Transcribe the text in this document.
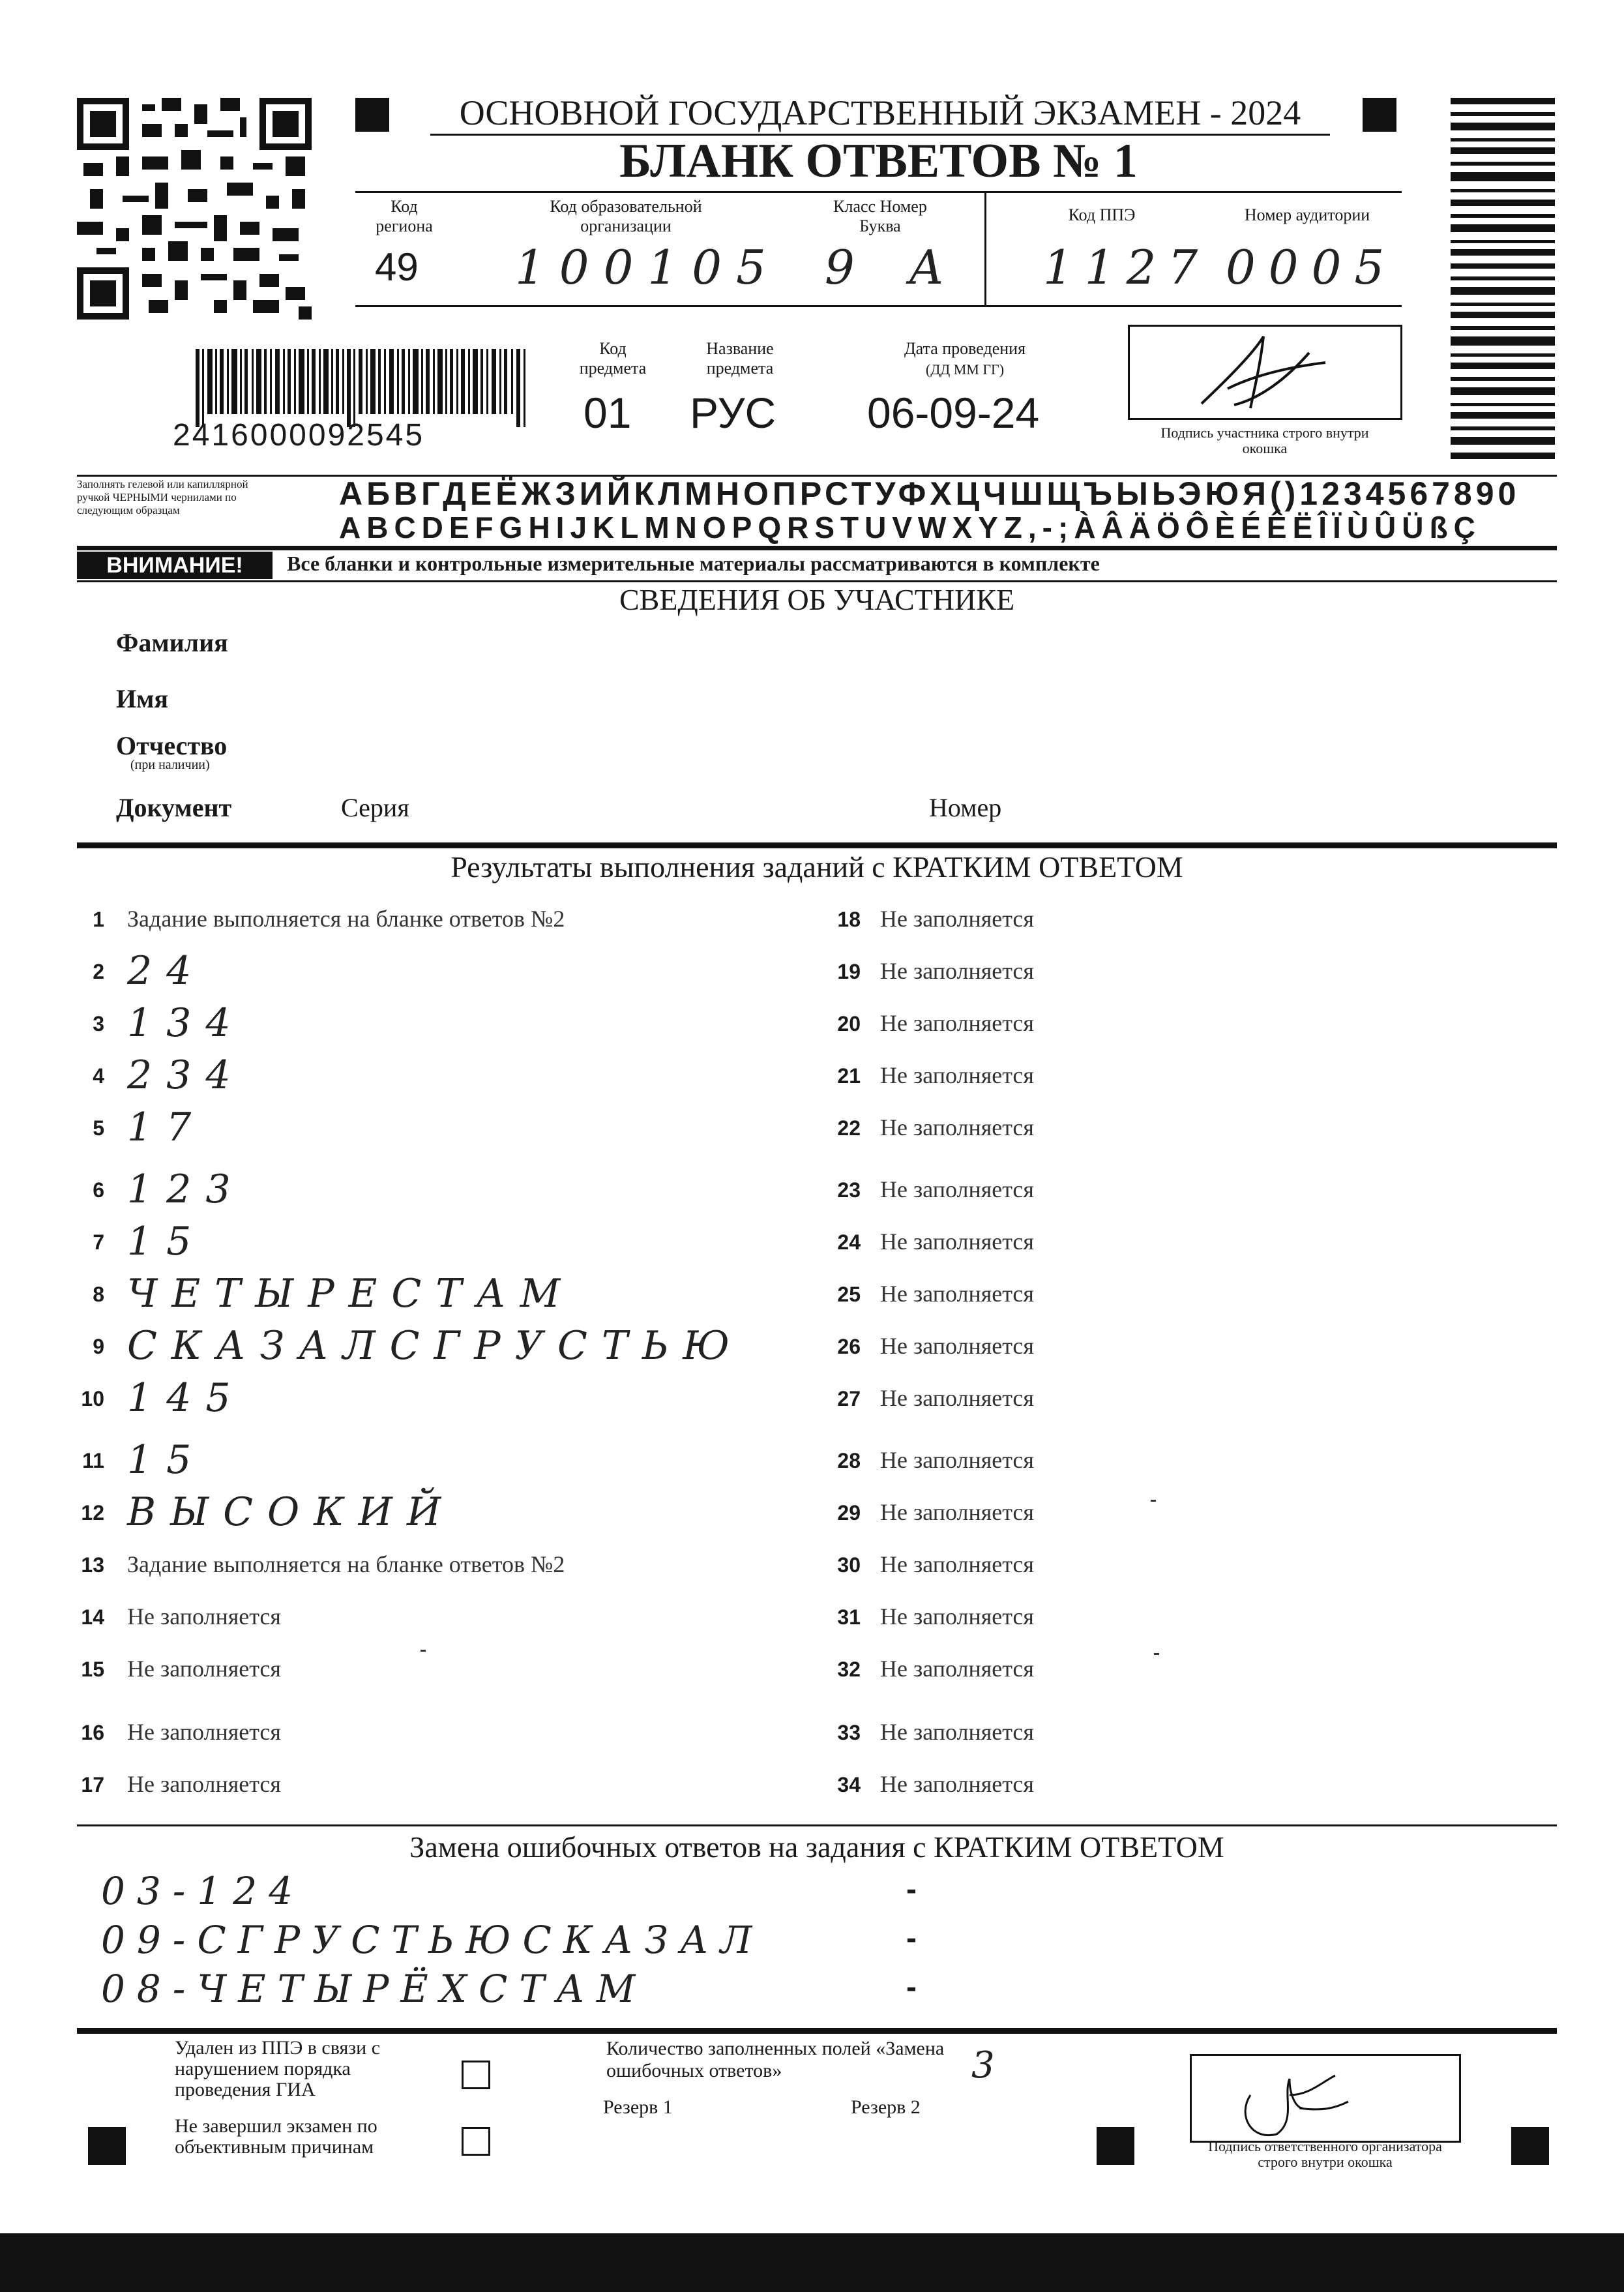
ОСНОВНОЙ ГОСУДАРСТВЕННЫЙ ЭКЗАМЕН - 2024
БЛАНК ОТВЕТОВ № 1
Код региона
49
Код образовательной организации
100105
Класс Номер Буква
9 А
Код ППЭ
1127
Номер аудитории
0005
2416000092545
Код предмета
01
Название предмета
РУС
Дата проведения
(ДД ММ ГГ)
06-09-24	Подпись участника строго внутри окошка
Заполнять гелевой или капиллярной ручкой ЧЕРНЫМИ чернилами по следующим образцам	АБВГДЕЁЖЗИЙКЛМНОПРСТУФХЦЧШЩЪЫЬЭЮЯ()1234567890
ABCDEFGHIJKLMNOPQRSTUVWXYZ,-;ÀÂÄÖÔÈÉÊËÎÏÙÛÜßÇ
ВНИМАНИЕ!	Все бланки и контрольные измерительные материалы рассматриваются в комплекте
СВЕДЕНИЯ ОБ УЧАСТНИКЕ
Фамилия
Имя
Отчество
(при наличии)
Документ	Серия	Номер
Результаты выполнения заданий с КРАТКИМ ОТВЕТОМ
1 Задание выполняется на бланке ответов №2
2 24
3 134
4 234
5 17
6 123
7 15
8 ЧЕТЫРЕСТАМ
9 СКАЗАЛСГРУСТЬЮ
10 145
11 15
12 ВЫСОКИЙ
13 Задание выполняется на бланке ответов №2
14 Не заполняется
15 Не заполняется
16 Не заполняется
17 Не заполняется
18 Не заполняется
19 Не заполняется
20 Не заполняется
21 Не заполняется
22 Не заполняется
23 Не заполняется
24 Не заполняется
25 Не заполняется
26 Не заполняется
27 Не заполняется
28 Не заполняется
29 Не заполняется
30 Не заполняется
31 Не заполняется
32 Не заполняется
33 Не заполняется
34 Не заполняется
Замена ошибочных ответов на задания с КРАТКИМ ОТВЕТОМ
03-124	-
09-СГРУСТЬЮСКАЗАЛ	-
08-ЧЕТЫРЁХСТАМ	-
Удален из ППЭ в связи с нарушением порядка проведения ГИА
Не завершил экзамен по объективным причинам
Количество заполненных полей «Замена ошибочных ответов»	3
Резерв 1	Резерв 2
Подпись ответственного организатора строго внутри окошка
